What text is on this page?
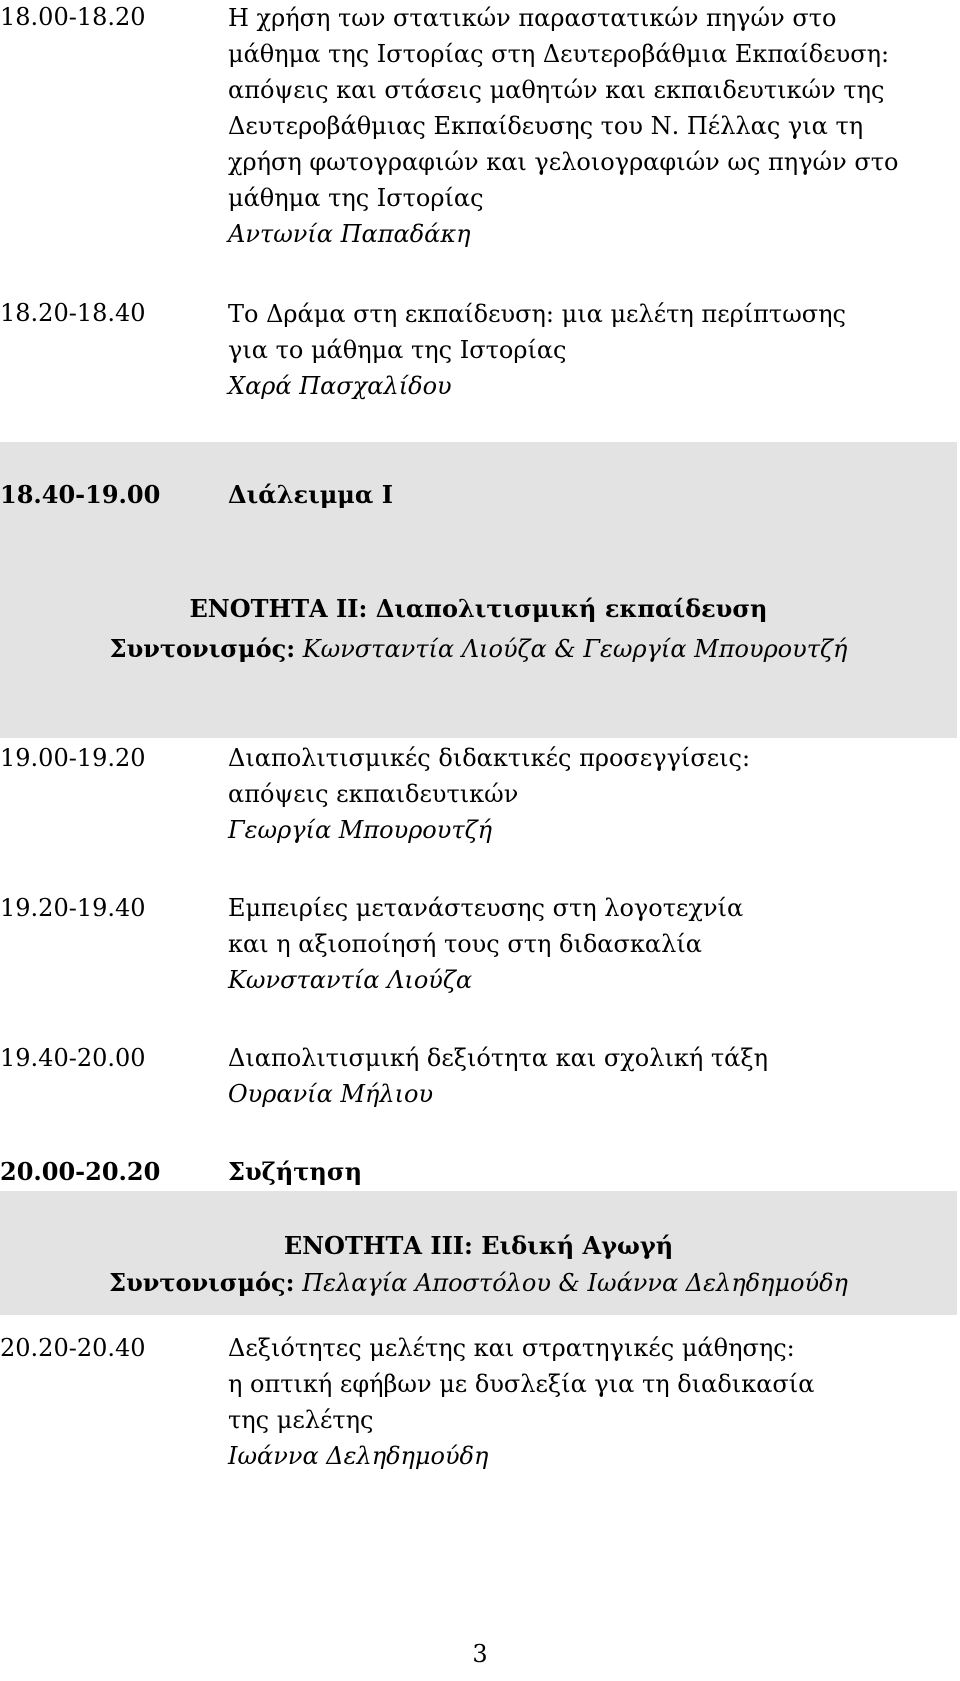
18.00-18.20	Η χρήση των στατικών παραστατικών πηγών στο
μάθημα της Ιστορίας στη Δευτεροβάθμια Εκπαίδευση:
απόψεις και στάσεις μαθητών και εκπαιδευτικών της
Δευτεροβάθμιας Εκπαίδευσης του Ν. Πέλλας για τη
χρήση φωτογραφιών και γελοιογραφιών ως πηγών στο
μάθημα της Ιστορίας
Αντωνία Παπαδάκη
18.20-18.40	Το Δράμα στη εκπαίδευση: μια μελέτη περίπτωσης
για το μάθημα της Ιστορίας
Χαρά Πασχαλίδου
18.40-19.00	Διάλειμμα Ι
ΕΝΟΤΗΤΑ ΙΙ: Διαπολιτισμική εκπαίδευση
Συντονισμός: Κωνσταντία Λιούζα & Γεωργία Μπουρουτζή
19.00-19.20	Διαπολιτισμικές διδακτικές προσεγγίσεις:
απόψεις εκπαιδευτικών
Γεωργία Μπουρουτζή
19.20-19.40	Εμπειρίες μετανάστευσης στη λογοτεχνία
και η αξιοποίησή τους στη διδασκαλία
Κωνσταντία Λιούζα
19.40-20.00	Διαπολιτισμική δεξιότητα και σχολική τάξη
Ουρανία Μήλιου
20.00-20.20	Συζήτηση
ΕΝΟΤΗΤΑ ΙΙΙ: Ειδική Αγωγή
Συντονισμός: Πελαγία Αποστόλου & Ιωάννα Δεληδημούδη
20.20-20.40	Δεξιότητες μελέτης και στρατηγικές μάθησης:
η οπτική εφήβων με δυσλεξία για τη διαδικασία
της μελέτης
Ιωάννα Δεληδημούδη
3
